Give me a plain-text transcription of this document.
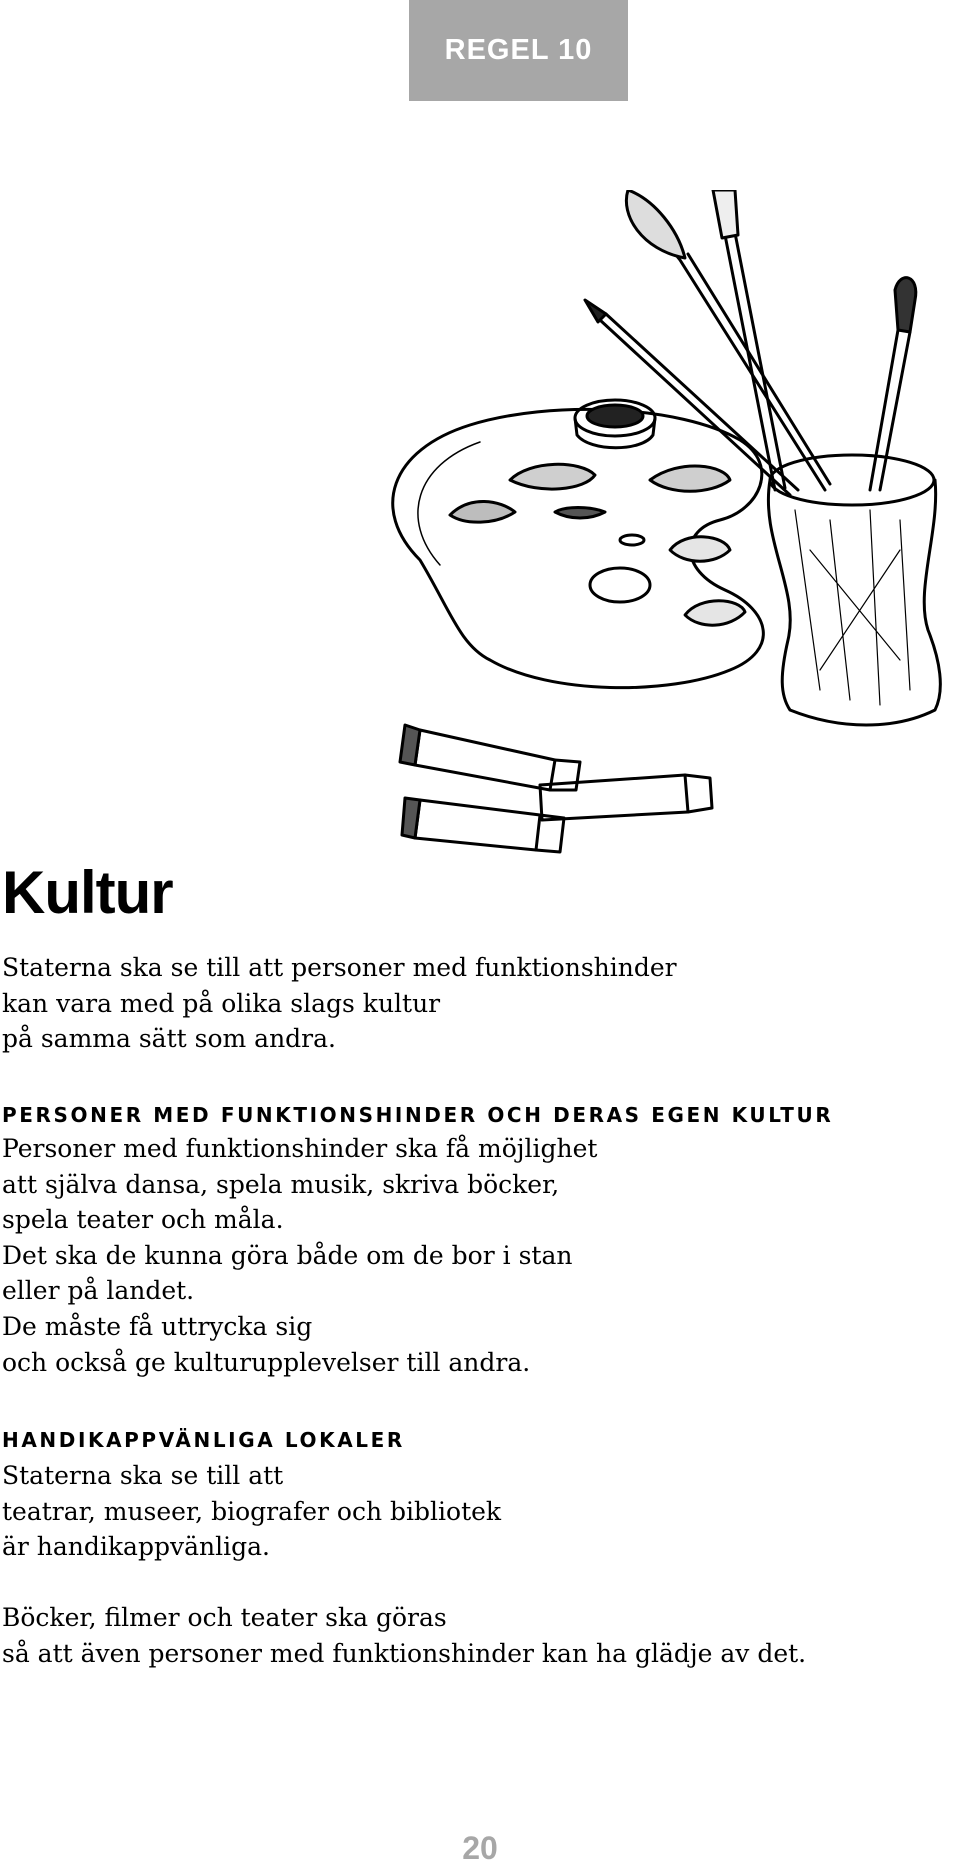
REGEL 10
Kultur

Staterna ska se till att personer med funktionshinder
kan vara med på olika slags kultur
på samma sätt som andra.

PERSONER MED FUNKTIONSHINDER OCH DERAS EGEN KULTUR

Personer med funktionshinder ska få möjlighet
att själva dansa, spela musik, skriva böcker,
spela teater och måla.
Det ska de kunna göra både om de bor i stan
eller på landet.
De måste få uttrycka sig
och också ge kulturupplevelser till andra.

HANDIKAPPVÄNLIGA LOKALER

Staterna ska se till att
teatrar, museer, biografer och bibliotek
är handikappvänliga.

Böcker, filmer och teater ska göras
så att även personer med funktionshinder kan ha glädje av det.

20
